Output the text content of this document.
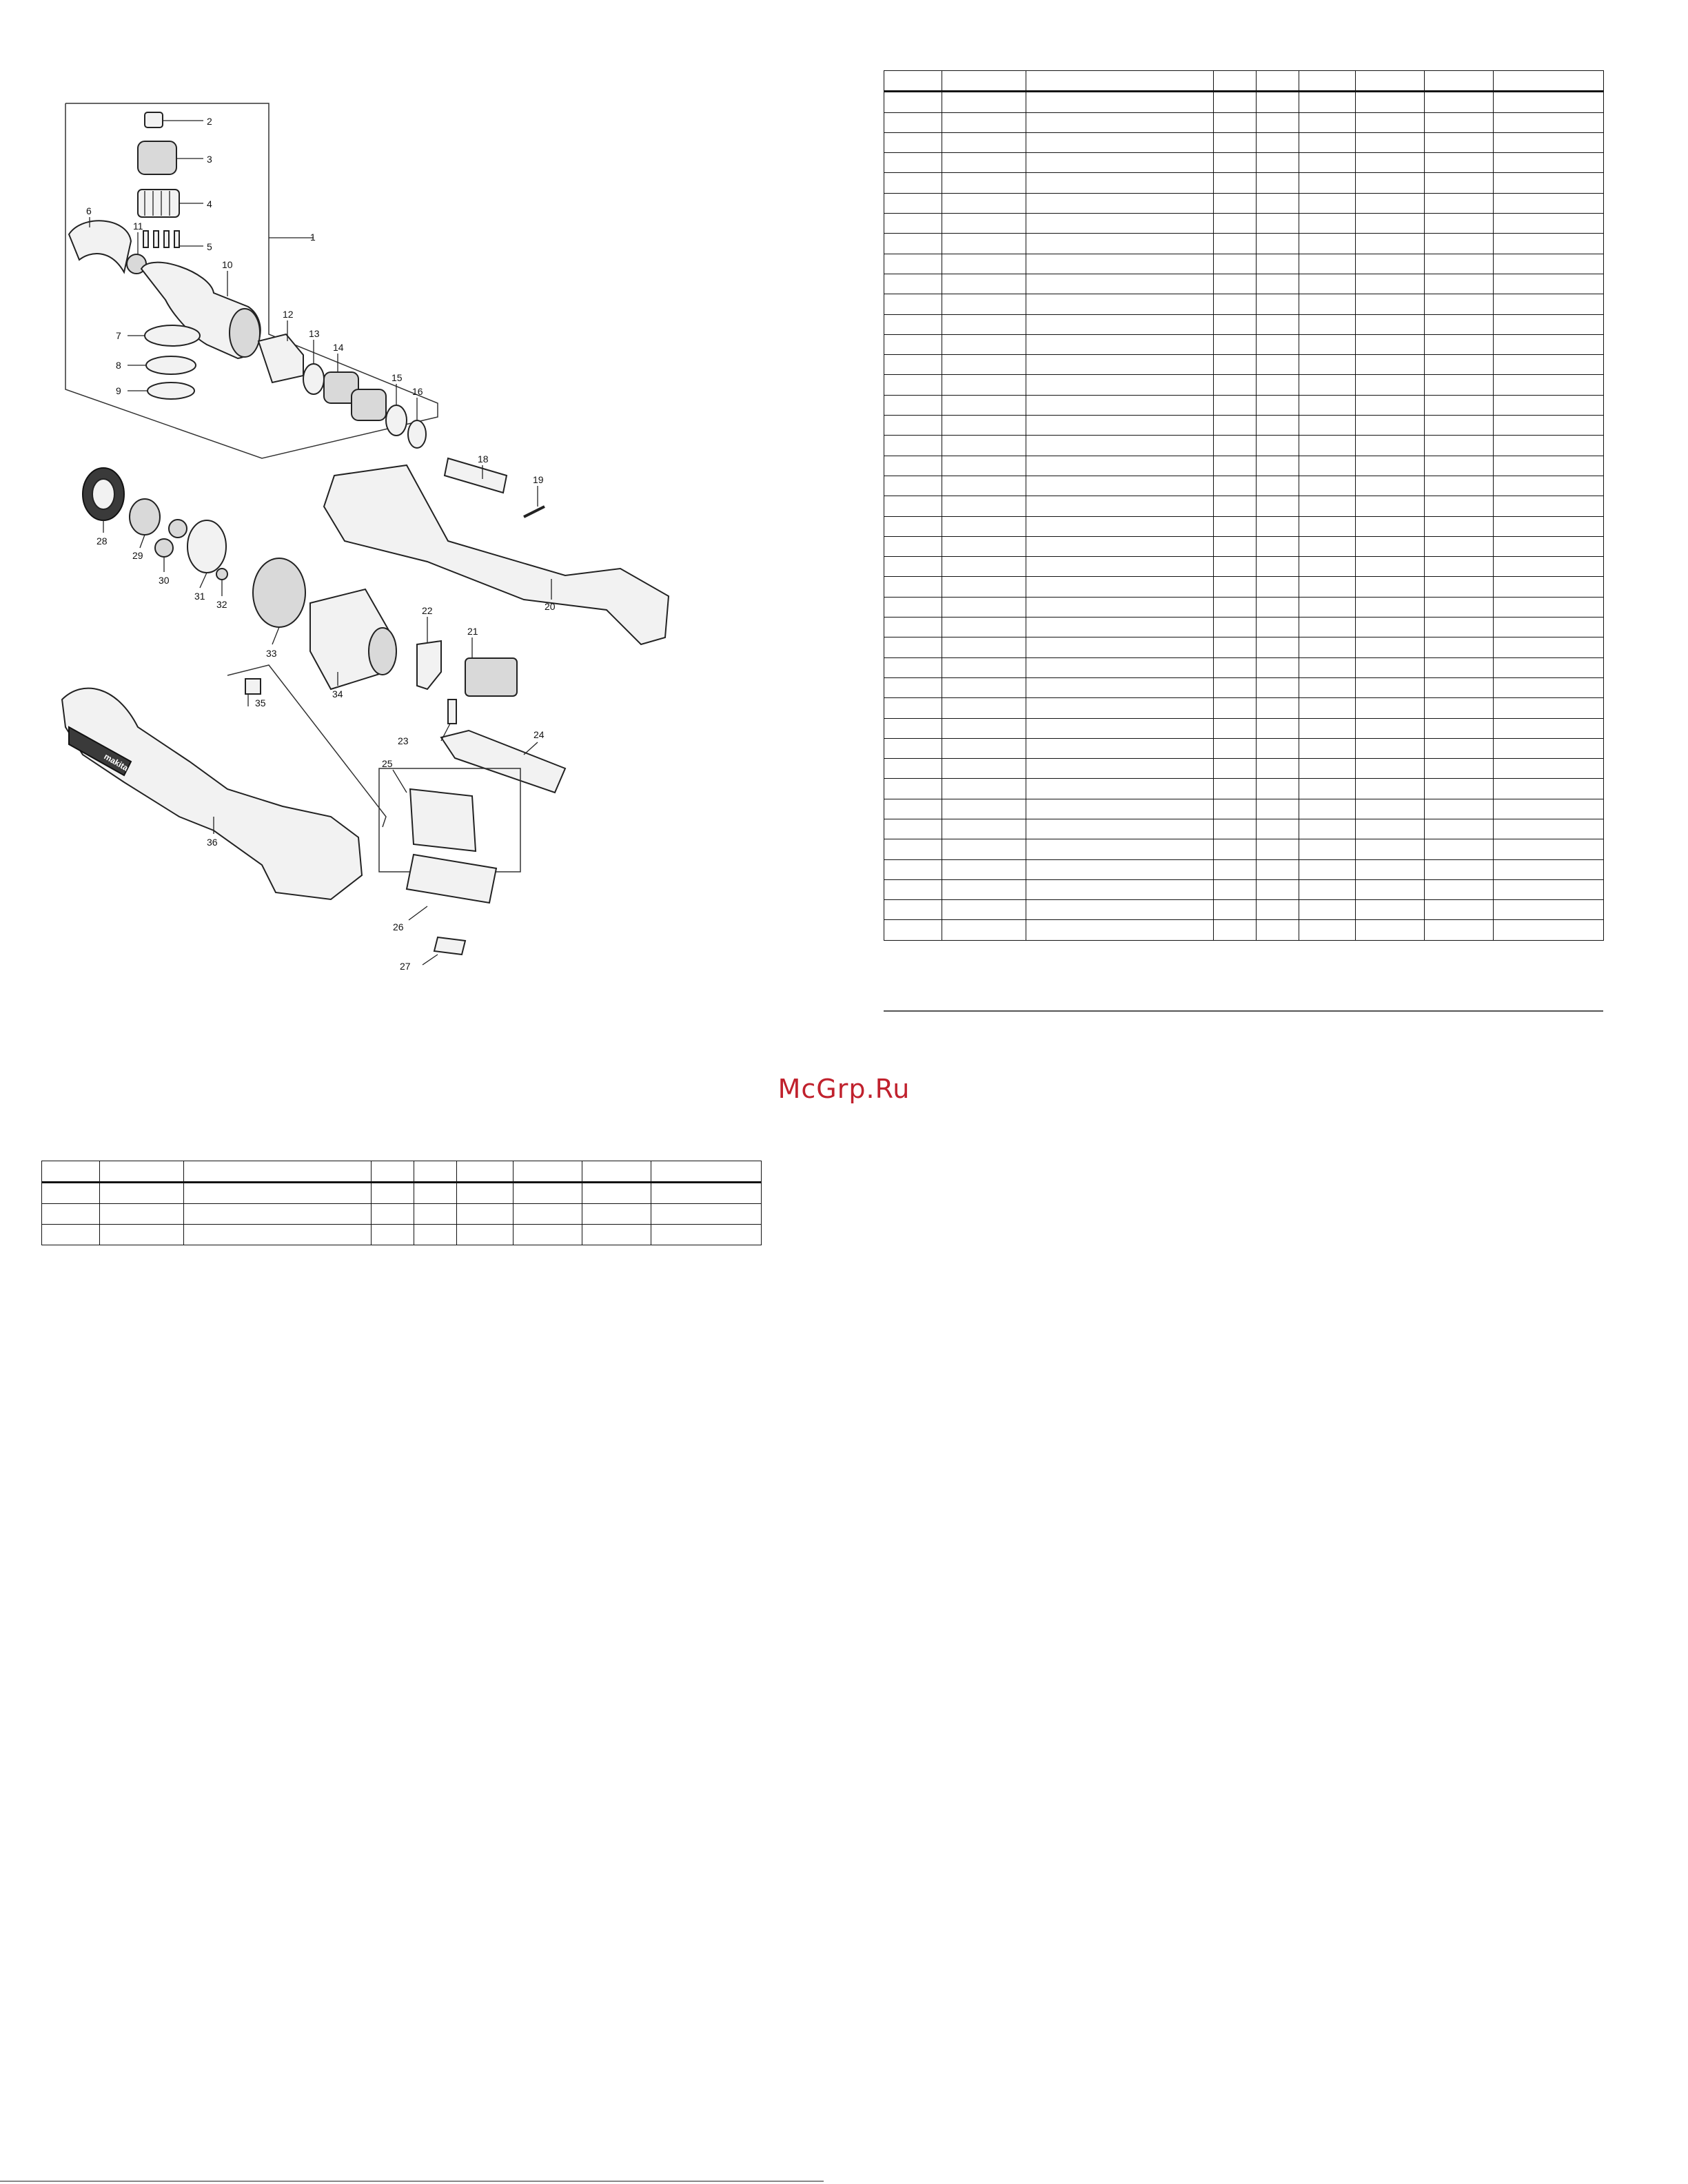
makita
2
3
4
5
6
11
10
1
7
8
9
12
13
14
15
16
18
19
20
21
22
23
24
25
26
27
28
29
30
31
32
33
34
35
36

McGrp.Ru
